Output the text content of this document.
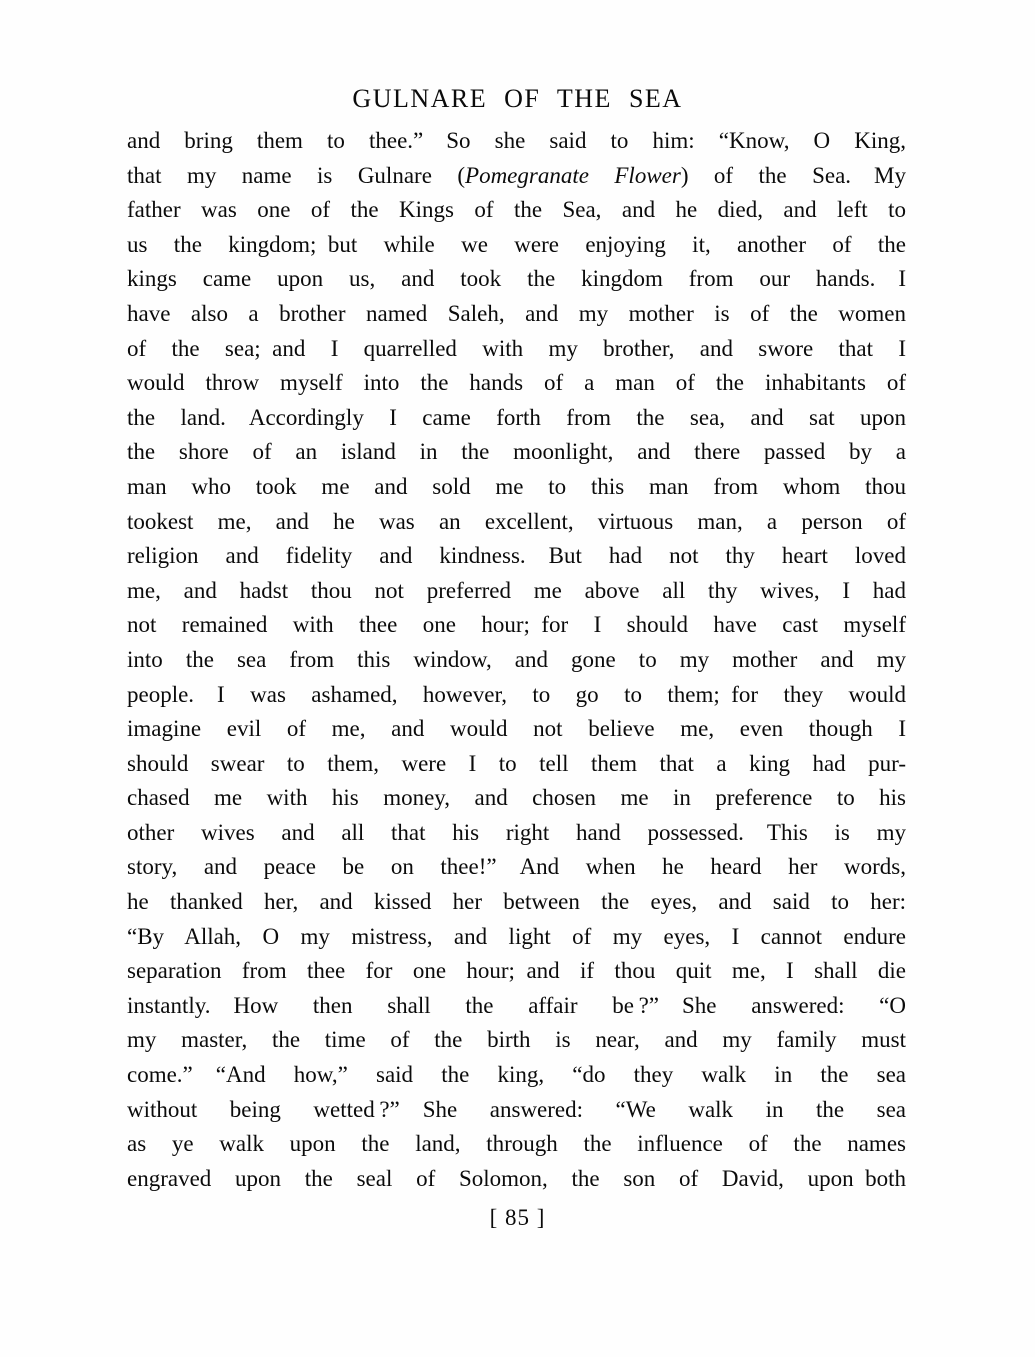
GULNARE OF THE SEA
and bring them to thee.”  So she said to him: “Know, O King,
that my name is Gulnare (Pomegranate Flower) of the Sea.  My
father was one of the Kings of the Sea, and he died, and left to
us the kingdom; but while we were enjoying it, another of the
kings came upon us, and took the kingdom from our hands.  I
have also a brother named Saleh, and my mother is of the women
of the sea; and I quarrelled with my brother, and swore that I
would throw myself into the hands of a man of the inhabitants of
the land.  Accordingly I came forth from the sea, and sat upon
the shore of an island in the moonlight, and there passed by a
man who took me and sold me to this man from whom thou
tookest me, and he was an excellent, virtuous man, a person of
religion and fidelity and kindness.  But had not thy heart loved
me, and hadst thou not preferred me above all thy wives, I had
not remained with thee one hour; for I should have cast myself
into the sea from this window, and gone to my mother and my
people.  I was ashamed, however, to go to them; for they would
imagine evil of me, and would not believe me, even though I
should swear to them, were I to tell them that a king had pur-
chased me with his money, and chosen me in preference to his
other wives and all that his right hand possessed.  This is my
story, and peace be on thee!”  And when he heard her words,
he thanked her, and kissed her between the eyes, and said to her:
“By Allah, O my mistress, and light of my eyes, I cannot endure
separation from thee for one hour; and if thou quit me, I shall die
instantly.  How then shall the affair be ?”  She answered: “O
my master, the time of the birth is near, and my family must
come.”  “And how,” said the king, “do they walk in the sea
without being wetted ?”  She answered: “We walk in the sea
as ye walk upon the land, through the influence of the names
engraved upon the seal of Solomon, the son of David, upon both
[ 85 ]
